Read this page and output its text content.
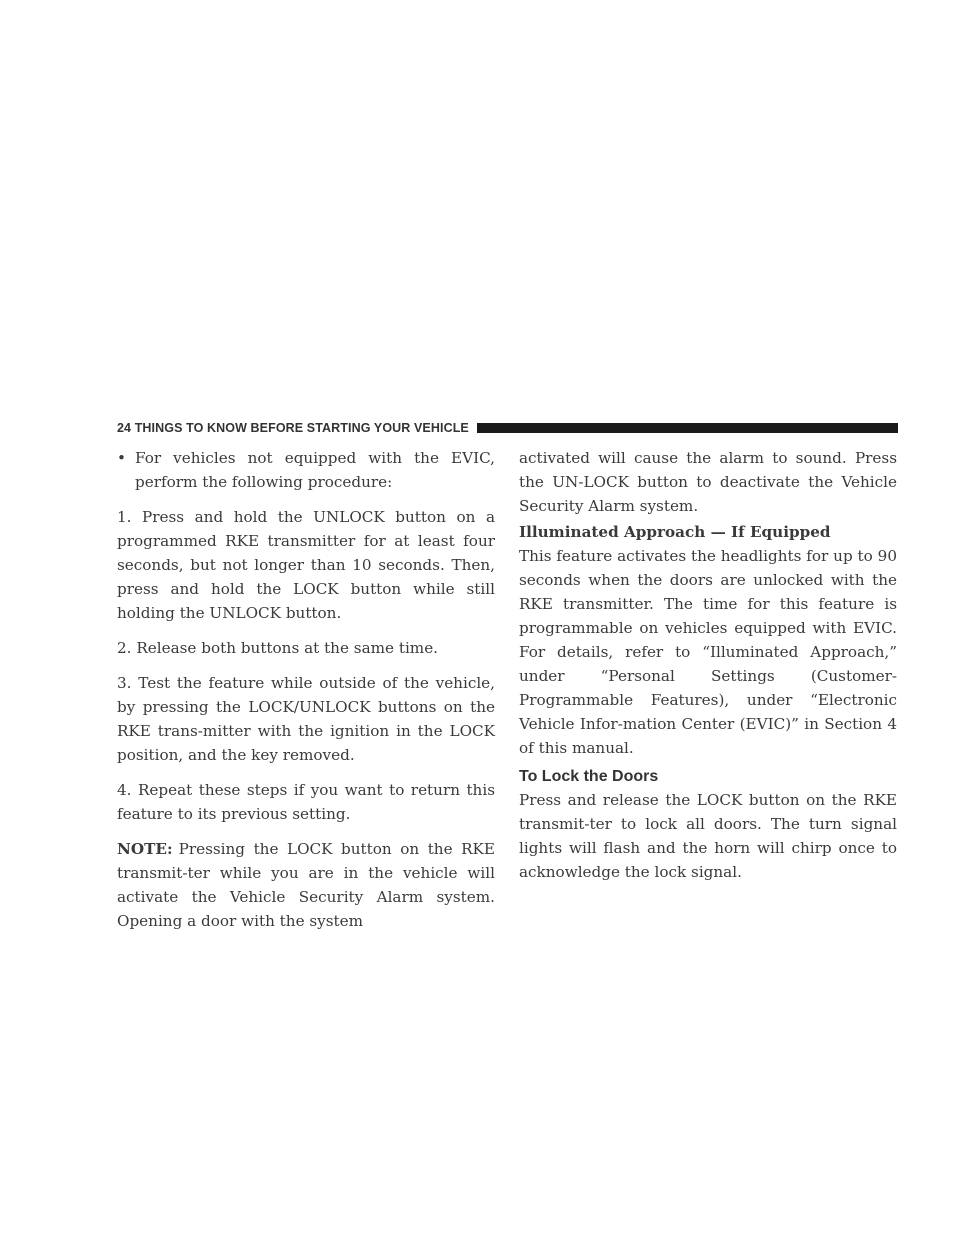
24 THINGS TO KNOW BEFORE STARTING YOUR VEHICLE
• For vehicles not equipped with the EVIC, perform the following procedure:

1. Press and hold the UNLOCK button on a programmed RKE transmitter for at least four seconds, but not longer than 10 seconds. Then, press and hold the LOCK button while still holding the UNLOCK button.

2. Release both buttons at the same time.

3. Test the feature while outside of the vehicle, by pressing the LOCK/UNLOCK buttons on the RKE trans-mitter with the ignition in the LOCK position, and the key removed.

4. Repeat these steps if you want to return this feature to its previous setting.

NOTE: Pressing the LOCK button on the RKE transmit-ter while you are in the vehicle will activate the Vehicle Security Alarm system. Opening a door with the system

activated will cause the alarm to sound. Press the UN-LOCK button to deactivate the Vehicle Security Alarm system.

Illuminated Approach — If Equipped

This feature activates the headlights for up to 90 seconds when the doors are unlocked with the RKE transmitter. The time for this feature is programmable on vehicles equipped with EVIC. For details, refer to “Illuminated Approach,” under “Personal Settings (Customer-Programmable Features), under “Electronic Vehicle Infor-mation Center (EVIC)” in Section 4 of this manual.

To Lock the Doors

Press and release the LOCK button on the RKE transmit-ter to lock all doors. The turn signal lights will flash and the horn will chirp once to acknowledge the lock signal.
